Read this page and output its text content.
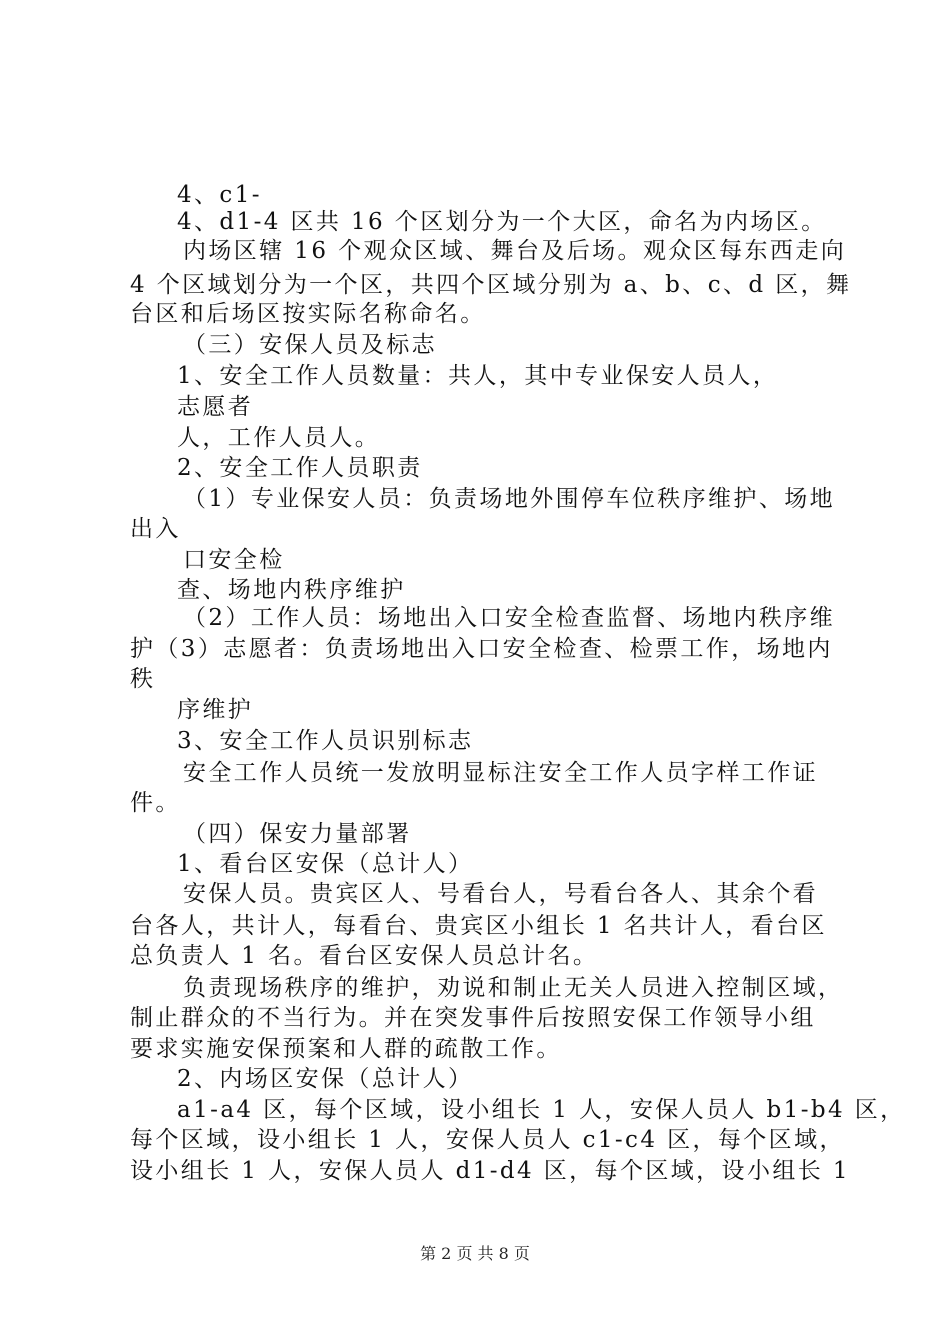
4、c1-
4、d1-4 区共 16 个区划分为一个大区，命名为内场区。
内场区辖 16 个观众区域、舞台及后场。观众区每东西走向
4 个区域划分为一个区，共四个区域分别为 a、b、c、d 区，舞
台区和后场区按实际名称命名。
（三）安保人员及标志
1、安全工作人员数量：共人，其中专业保安人员人，
志愿者
人，工作人员人。
2、安全工作人员职责
（1）专业保安人员：负责场地外围停车位秩序维护、场地
出入
口安全检
查、场地内秩序维护
（2）工作人员：场地出入口安全检查监督、场地内秩序维
护（3）志愿者：负责场地出入口安全检查、检票工作，场地内
秩
序维护
3、安全工作人员识别标志
安全工作人员统一发放明显标注安全工作人员字样工作证
件。
（四）保安力量部署
1、看台区安保（总计人）
安保人员。贵宾区人、号看台人，号看台各人、其余个看
台各人，共计人，每看台、贵宾区小组长 1 名共计人，看台区
总负责人 1 名。看台区安保人员总计名。
负责现场秩序的维护，劝说和制止无关人员进入控制区域，
制止群众的不当行为。并在突发事件后按照安保工作领导小组
要求实施安保预案和人群的疏散工作。
2、内场区安保（总计人）
a1-a4 区，每个区域，设小组长 1 人，安保人员人 b1-b4 区，
每个区域，设小组长 1 人，安保人员人 c1-c4 区，每个区域，
设小组长 1 人，安保人员人 d1-d4 区，每个区域，设小组长 1
第 2 页 共 8 页
